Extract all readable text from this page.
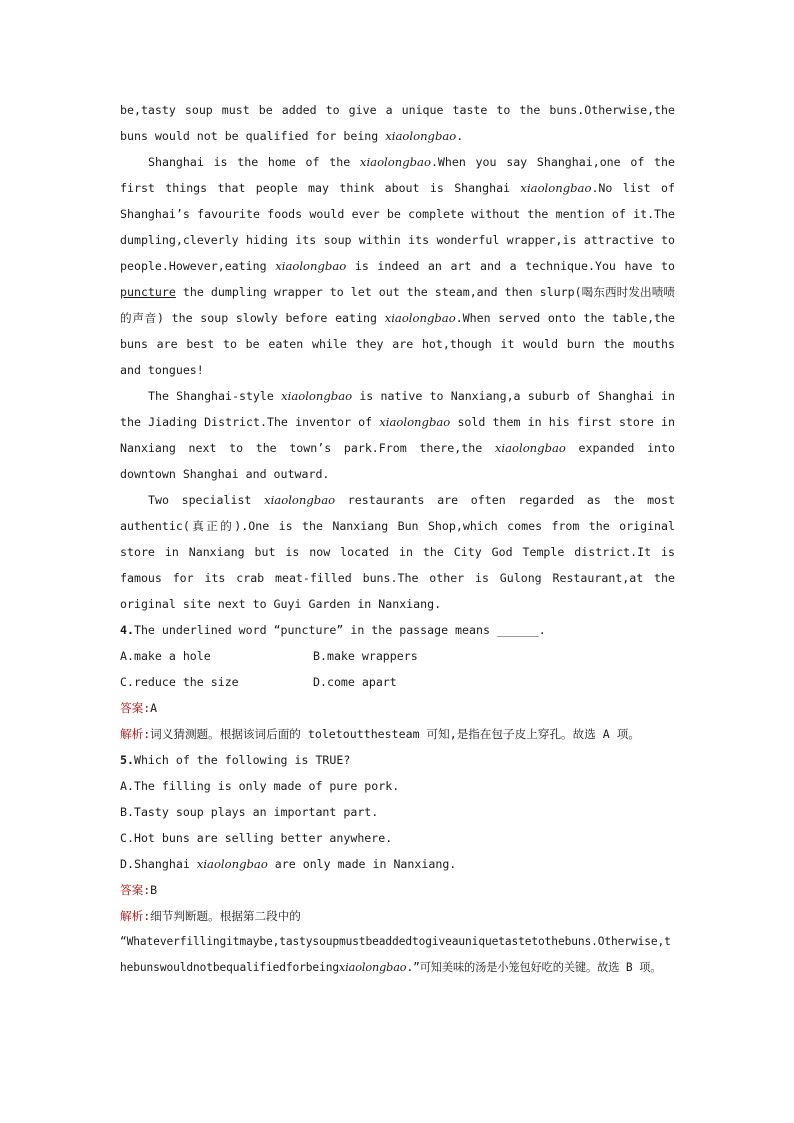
be,tasty soup must be added to give a unique taste to the buns.Otherwise,the buns would not be qualified for being xiaolongbao.

Shanghai is the home of the xiaolongbao.When you say Shanghai,one of the first things that people may think about is Shanghai xiaolongbao.No list of Shanghai’s favourite foods would ever be complete without the mention of it.The dumpling,cleverly hiding its soup within its wonderful wrapper,is attractive to people.However,eating xiaolongbao is indeed an art and a technique.You have to puncture the dumpling wrapper to let out the steam,and then slurp(喝东西时发出啧啧的声音) the soup slowly before eating xiaolongbao.When served onto the table,the buns are best to be eaten while they are hot,though it would burn the mouths and tongues!

The Shanghai-style xiaolongbao is native to Nanxiang,a suburb of Shanghai in the Jiading District.The inventor of xiaolongbao sold them in his first store in Nanxiang next to the town’s park.From there,the xiaolongbao expanded into downtown Shanghai and outward.

Two specialist xiaolongbao restaurants are often regarded as the most authentic(真正的).One is the Nanxiang Bun Shop,which comes from the original store in Nanxiang but is now located in the City God Temple district.It is famous for its crab meat-filled buns.The other is Gulong Restaurant,at the original site next to Guyi Garden in Nanxiang.

4.The underlined word “puncture” in the passage means ______.

A.make a hole	B.make wrappers
C.reduce the size	D.come apart

答案:A

解析:词义猜测题。根据该词后面的 toletoutthesteam 可知,是指在包子皮上穿孔。故选 A 项。

5.Which of the following is TRUE?

A.The filling is only made of pure pork.

B.Tasty soup plays an important part.

C.Hot buns are selling better anywhere.

D.Shanghai xiaolongbao are only made in Nanxiang.

答案:B

解析:细节判断题。根据第二段中的

“Whateverfillingitmaybe,tastysoupmustbeaddedtogiveauniquetastetothebuns.Otherwise,thebunswouldnotbequalifiedforbeingxiaolongbao.”可知美味的汤是小笼包好吃的关键。故选 B 项。
